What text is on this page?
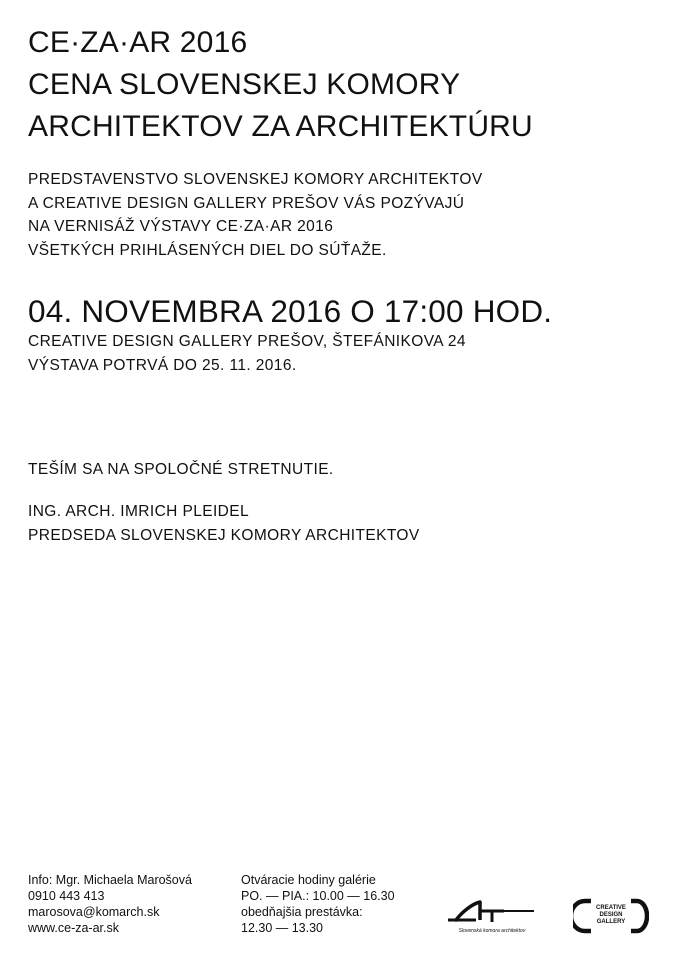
CE·ZA·AR 2016
CENA SLOVENSKEJ KOMORY
ARCHITEKTOV ZA ARCHITEKTÚRU
PREDSTAVENSTVO SLOVENSKEJ KOMORY ARCHITEKTOV
A CREATIVE DESIGN GALLERY PREŠOV VÁS POZÝVAJÚ
NA VERNISÁŽ VÝSTAVY CE·ZA·AR 2016
VŠETKÝCH PRIHLÁSENÝCH DIEL DO SÚŤAŽE.
04. NOVEMBRA 2016 O 17:00 HOD.
CREATIVE DESIGN GALLERY PREŠOV, ŠTEFÁNIKOVA 24
VÝSTAVA POTRVÁ DO 25. 11. 2016.
TEŠÍM SA NA SPOLOČNÉ STRETNUTIE.
ING. ARCH. IMRICH PLEIDEL
PREDSEDA SLOVENSKEJ KOMORY ARCHITEKTOV
Info: Mgr. Michaela Marošová
0910 443 413
marosova@komarch.sk
www.ce-za-ar.sk
Otváracie hodiny galérie
PO. — PIA.: 10.00 — 16.30
obedňajšia prestávka:
12.30 — 13.30	Slovenská komora architektov
CREATIVE
DESIGN
GALLERY
